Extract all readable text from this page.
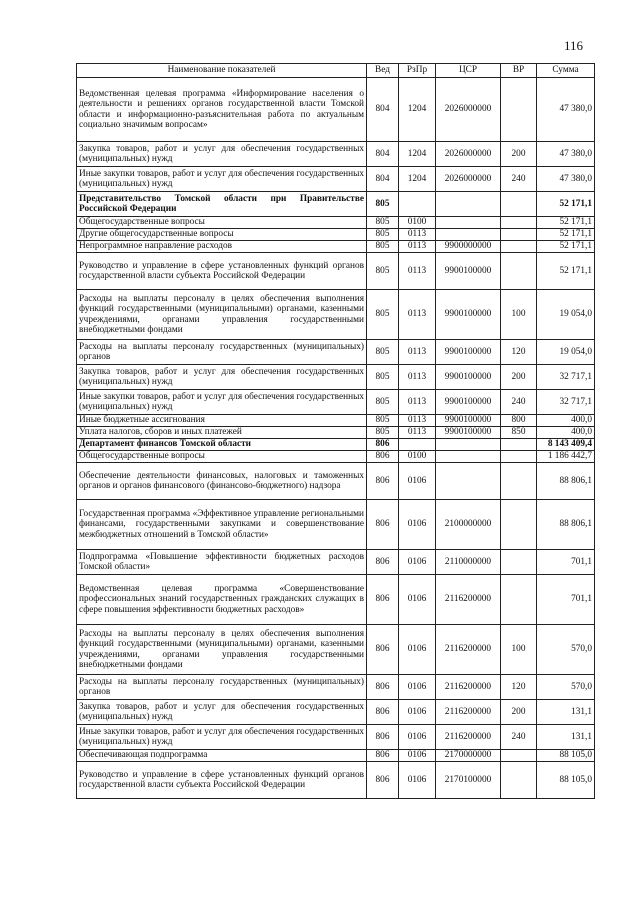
116
Наименование показателей	Вед	РзПр	ЦСР	ВР	Сумма
Ведомственная целевая программа «Информирование населения о деятельности и решениях органов государственной власти Томской области и информационно-разъяснительная работа по актуальным социально значимым вопросам»	804	1204	2026000000		47 380,0
Закупка товаров, работ и услуг для обеспечения государственных (муниципальных) нужд	804	1204	2026000000	200	47 380,0
Иные закупки товаров, работ и услуг для обеспечения государственных (муниципальных) нужд	804	1204	2026000000	240	47 380,0
Представительство Томской области при Правительстве Российской Федерации	805				52 171,1
Общегосударственные вопросы	805	0100			52 171,1
Другие общегосударственные вопросы	805	0113			52 171,1
Непрограммное направление расходов	805	0113	9900000000		52 171,1
Руководство и управление в сфере установленных функций органов государственной власти субъекта Российской Федерации	805	0113	9900100000		52 171,1
Расходы на выплаты персоналу в целях обеспечения выполнения функций государственными (муниципальными) органами, казенными учреждениями, органами управления государственными внебюджетными фондами	805	0113	9900100000	100	19 054,0
Расходы на выплаты персоналу государственных (муниципальных) органов	805	0113	9900100000	120	19 054,0
Закупка товаров, работ и услуг для обеспечения государственных (муниципальных) нужд	805	0113	9900100000	200	32 717,1
Иные закупки товаров, работ и услуг для обеспечения государственных (муниципальных) нужд	805	0113	9900100000	240	32 717,1
Иные бюджетные ассигнования	805	0113	9900100000	800	400,0
Уплата налогов, сборов и иных платежей	805	0113	9900100000	850	400,0
Департамент финансов Томской области	806				8 143 409,4
Общегосударственные вопросы	806	0100			1 186 442,7
Обеспечение деятельности финансовых, налоговых и таможенных органов и органов финансового (финансово-бюджетного) надзора	806	0106			88 806,1
Государственная программа «Эффективное управление региональными финансами, государственными закупками и совершенствование межбюджетных отношений в Томской области»	806	0106	2100000000		88 806,1
Подпрограмма «Повышение эффективности бюджетных расходов Томской области»	806	0106	2110000000		701,1
Ведомственная целевая программа «Совершенствование профессиональных знаний государственных гражданских служащих в сфере повышения эффективности бюджетных расходов»	806	0106	2116200000		701,1
Расходы на выплаты персоналу в целях обеспечения выполнения функций государственными (муниципальными) органами, казенными учреждениями, органами управления государственными внебюджетными фондами	806	0106	2116200000	100	570,0
Расходы на выплаты персоналу государственных (муниципальных) органов	806	0106	2116200000	120	570,0
Закупка товаров, работ и услуг для обеспечения государственных (муниципальных) нужд	806	0106	2116200000	200	131,1
Иные закупки товаров, работ и услуг для обеспечения государственных (муниципальных) нужд	806	0106	2116200000	240	131,1
Обеспечивающая подпрограмма	806	0106	2170000000		88 105,0
Руководство и управление в сфере установленных функций органов государственной власти субъекта Российской Федерации	806	0106	2170100000		88 105,0
